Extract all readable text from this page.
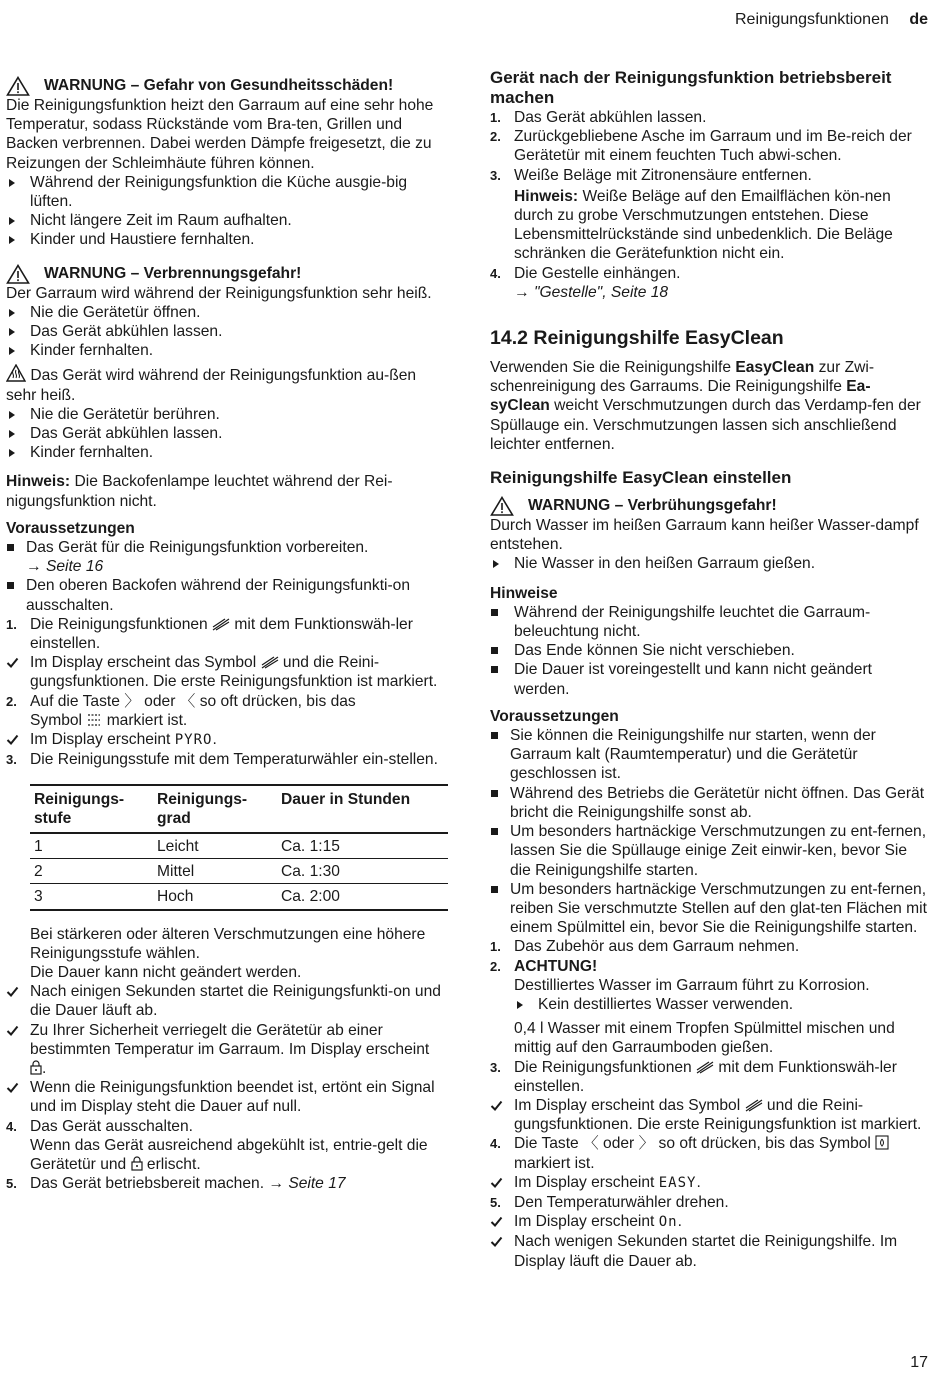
Reinigungsfunktionen de
WARNUNG – Gefahr von Gesundheitsschäden!

Die Reinigungsfunktion heizt den Garraum auf eine sehr hohe Temperatur, sodass Rückstände vom Bra-ten, Grillen und Backen verbrennen. Dabei werden Dämpfe freigesetzt, die zu Reizungen der Schleimhäute führen können.

Während der Reinigungsfunktion die Küche ausgie-big lüften.
Nicht längere Zeit im Raum aufhalten.
Kinder und Haustiere fernhalten.
WARNUNG – Verbrennungsgefahr!

Der Garraum wird während der Reinigungsfunktion sehr heiß.

Nie die Gerätetür öffnen.
Das Gerät abkühlen lassen.
Kinder fernhalten.

Das Gerät wird während der Reinigungsfunktion au-ßen sehr heiß.

Nie die Gerätetür berühren.
Das Gerät abkühlen lassen.
Kinder fernhalten.

Hinweis: Die Backofenlampe leuchtet während der Rei-nigungsfunktion nicht.

Voraussetzungen
Das Gerät für die Reinigungsfunktion vorbereiten.
→ Seite 16
Den oberen Backofen während der Reinigungsfunkti-on ausschalten.
1. Die Reinigungsfunktionen mit dem Funktionswäh-ler einstellen.
Im Display erscheint das Symbol und die Reini-gungsfunktionen. Die erste Reinigungsfunktion ist markiert.
2. Auf die Taste 〉 oder 〈 so oft drücken, bis das
Symbol markiert ist.
Im Display erscheint PYRO.
3. Die Reinigungsstufe mit dem Temperaturwähler ein-stellen.
Reinigungs-stufe	Reinigungs-grad	Dauer in Stunden
1	Leicht	Ca. 1:15
2	Mittel	Ca. 1:30
3	Hoch	Ca. 2:00

Bei stärkeren oder älteren Verschmutzungen eine höhere Reinigungsstufe wählen.

Die Dauer kann nicht geändert werden.

Nach einigen Sekunden startet die Reinigungsfunkti-on und die Dauer läuft ab.
Zu Ihrer Sicherheit verriegelt die Gerätetür ab einer bestimmten Temperatur im Garraum. Im Display erscheint .
Wenn die Reinigungsfunktion beendet ist, ertönt ein Signal und im Display steht die Dauer auf null.
4. Das Gerät ausschalten.
Wenn das Gerät ausreichend abgekühlt ist, entrie-gelt die Gerätetür und erlischt.
5. Das Gerät betriebsbereit machen. → Seite 17
Gerät nach der Reinigungsfunktion betriebsbereit machen
1. Das Gerät abkühlen lassen.
2. Zurückgebliebene Asche im Garraum und im Be-reich der Gerätetür mit einem feuchten Tuch abwi-schen.
3. Weiße Beläge mit Zitronensäure entfernen.

Hinweis: Weiße Beläge auf den Emailflächen kön-nen durch zu grobe Verschmutzungen entstehen. Diese Lebensmittelrückstände sind unbedenklich. Die Beläge schränken die Gerätefunktion nicht ein.

4. Die Gestelle einhängen.
→ "Gestelle", Seite 18
14.2 Reinigungshilfe EasyClean

Verwenden Sie die Reinigungshilfe EasyClean zur Zwi-schenreinigung des Garraums. Die Reinigungshilfe Ea-syClean weicht Verschmutzungen durch das Verdamp-fen der Spüllauge ein. Verschmutzungen lassen sich anschließend leichter entfernen.

Reinigungshilfe EasyClean einstellen
WARNUNG – Verbrühungsgefahr!

Durch Wasser im heißen Garraum kann heißer Wasser-dampf entstehen.

Nie Wasser in den heißen Garraum gießen.
Hinweise
Während der Reinigungshilfe leuchtet die Garraum-beleuchtung nicht.
Das Ende können Sie nicht verschieben.
Die Dauer ist voreingestellt und kann nicht geändert werden.
Voraussetzungen
Sie können die Reinigungshilfe nur starten, wenn der Garraum kalt (Raumtemperatur) und die Gerätetür geschlossen ist.
Während des Betriebs die Gerätetür nicht öffnen. Das Gerät bricht die Reinigungshilfe sonst ab.
Um besonders hartnäckige Verschmutzungen zu ent-fernen, lassen Sie die Spüllauge einige Zeit einwir-ken, bevor Sie die Reinigungshilfe starten.
Um besonders hartnäckige Verschmutzungen zu ent-fernen, reiben Sie verschmutzte Stellen auf den glat-ten Flächen mit einem Spülmittel ein, bevor Sie die Reinigungshilfe starten.
1. Das Zubehör aus dem Garraum nehmen.
2. ACHTUNG!

Destilliertes Wasser im Garraum führt zu Korrosion.

Kein destilliertes Wasser verwenden.

0,4 l Wasser mit einem Tropfen Spülmittel mischen und mittig auf den Garraumboden gießen.

3. Die Reinigungsfunktionen mit dem Funktionswäh-ler einstellen.
Im Display erscheint das Symbol und die Reini-gungsfunktionen. Die erste Reinigungsfunktion ist markiert.
4. Die Taste 〈 oder 〉 so oft drücken, bis das Symbol
markiert ist.
Im Display erscheint EASY.
5. Den Temperaturwähler drehen.
Im Display erscheint On.
Nach wenigen Sekunden startet die Reinigungshilfe. Im Display läuft die Dauer ab.
17
